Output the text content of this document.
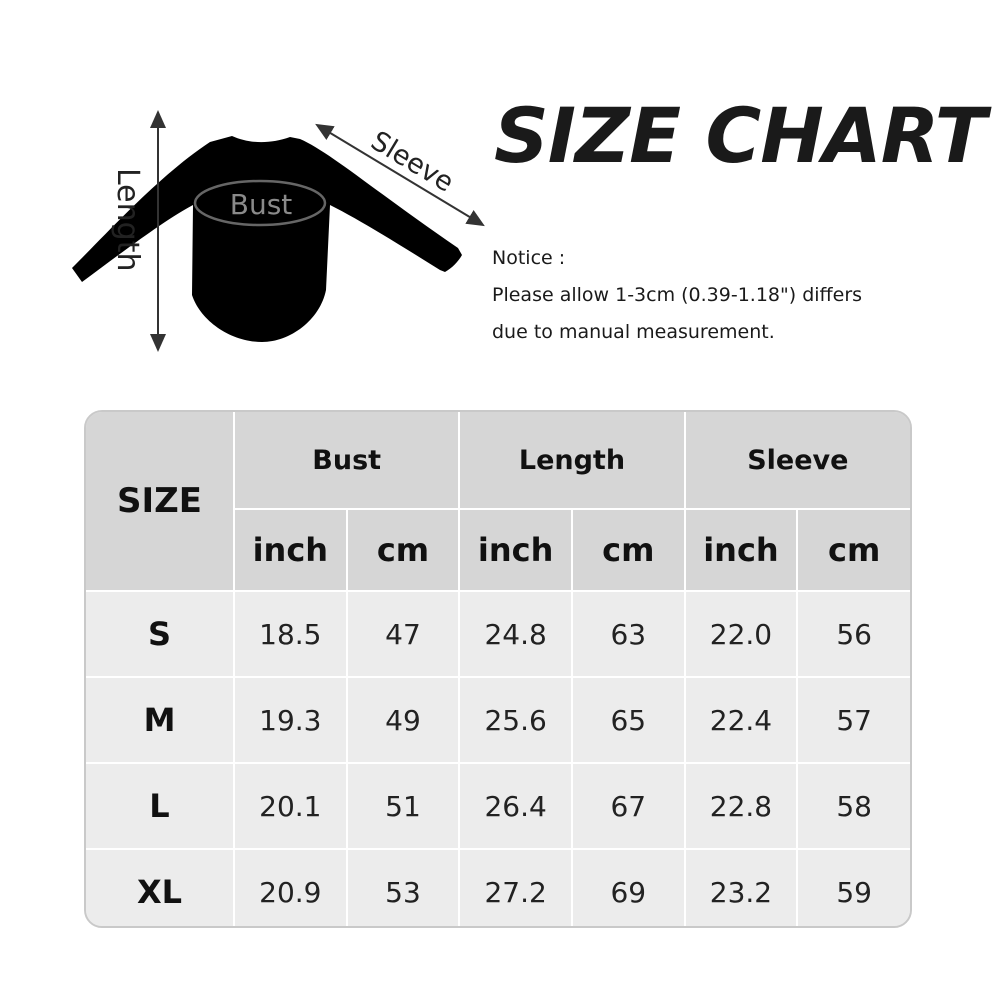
Length
Sleeve
Bust
SIZE CHART
Notice :
Please allow 1-3cm (0.39-1.18") differs
due to manual measurement.
SIZE	Bust		Length		Sleeve	
	inch	cm	inch	cm	inch	cm
S	18.5	47	24.8	63	22.0	56
M	19.3	49	25.6	65	22.4	57
L	20.1	51	26.4	67	22.8	58
XL	20.9	53	27.2	69	23.2	59
